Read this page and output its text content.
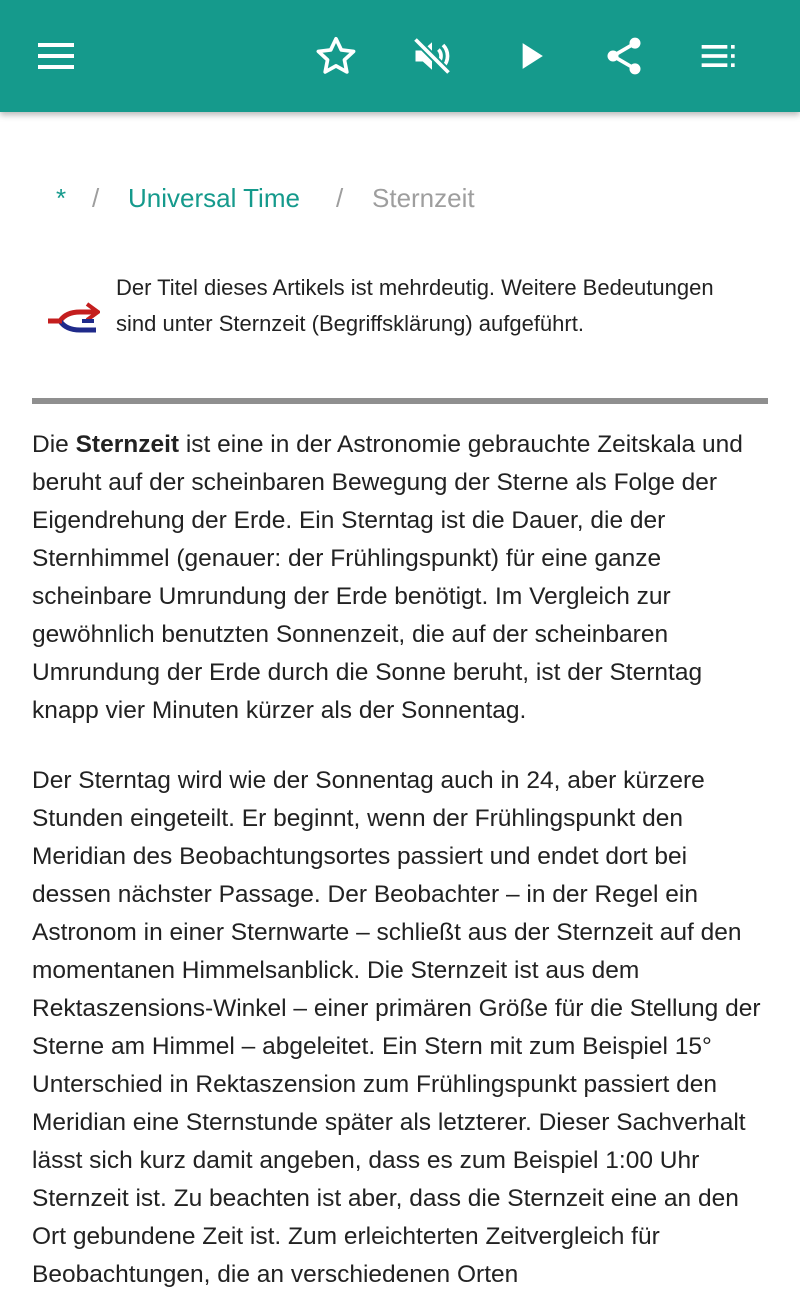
* / Universal Time / Sternzeit
Der Titel dieses Artikels ist mehrdeutig. Weitere Bedeutungen sind unter Sternzeit (Begriffsklärung) aufgeführt.

Die Sternzeit ist eine in der Astronomie gebrauchte Zeitskala und beruht auf der scheinbaren Bewegung der Sterne als Folge der Eigendrehung der Erde. Ein Sterntag ist die Dauer, die der Sternhimmel (genauer: der Frühlingspunkt) für eine ganze scheinbare Umrundung der Erde benötigt. Im Vergleich zur gewöhnlich benutzten Sonnenzeit, die auf der scheinbaren Umrundung der Erde durch die Sonne beruht, ist der Sterntag knapp vier Minuten kürzer als der Sonnentag.

Der Sterntag wird wie der Sonnentag auch in 24, aber kürzere Stunden eingeteilt. Er beginnt, wenn der Frühlingspunkt den Meridian des Beobachtungsortes passiert und endet dort bei dessen nächster Passage. Der Beobachter – in der Regel ein Astronom in einer Sternwarte – schließt aus der Sternzeit auf den momentanen Himmelsanblick. Die Sternzeit ist aus dem Rektaszensions-Winkel – einer primären Größe für die Stellung der Sterne am Himmel – abgeleitet. Ein Stern mit zum Beispiel 15° Unterschied in Rektaszension zum Frühlingspunkt passiert den Meridian eine Sternstunde später als letzterer. Dieser Sachverhalt lässt sich kurz damit angeben, dass es zum Beispiel 1:00 Uhr Sternzeit ist. Zu beachten ist aber, dass die Sternzeit eine an den Ort gebundene Zeit ist. Zum erleichterten Zeitvergleich für Beobachtungen, die an verschiedenen Orten
